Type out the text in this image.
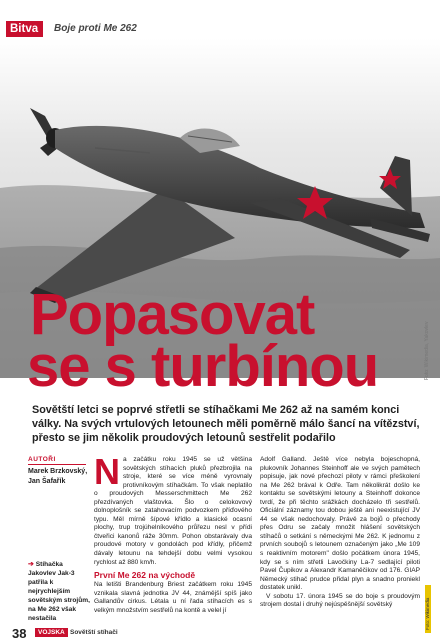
Bitva	Boje proti Me 262
Popasovat
se s turbínou	Foto: Wikimedia, Yakovlev
Sovětští letci se poprvé střetli se stíhačkami Me 262 až na samém konci války. Na svých vrtulových letounech měli poměrně málo šancí na vítězství, přesto se jim několik proudových letounů sestřelit podařilo
AUTOŘI
Marek Brzkovský, Jan Šafařík
➔ Stíhačka Jakovlev Jak-3 patřila k nejrychlejším sovětským strojům, na Me 262 však nestačila
N a začátku roku 1945 se už většina sovětských stíhacích pluků přezbrojila na stroje, které se více méně vyrovnaly protivníkovým stíhačkám. To však neplatilo o proudových Messerschmittech Me 262 přezdívaných vlaštovka. Šlo o celokovový dolnoplošník se zatahovacím podvozkem příďového typu. Měl mírně šípové křídlo a klasické ocasní plochy, trup trojúhelníkového průřezu nesl v přídi čtveřici kanonů ráže 30mm. Pohon obstarávaly dva proudové motory v gondolách pod křídly, přičemž dávaly letounu na tehdejší dobu velmi vysokou rychlost až 880 km/h.

První Me 262 na východě

Na letišti Brandenburg Briest začátkem roku 1945 vznikala slavná jednotka JV 44, známější spíš jako Gallandův cirkus. Létala u ní řada stíhacích es s velkým množstvím sestřelů na kontě a velel jí

Adolf Galland. Ještě více nebyla bojeschopná, plukovník Johannes Steinhoff ale ve svých pamětech popisuje, jak nové přechozí piloty v rámci přeškolení na Me 262 brával k Odře. Tam několikrát došlo ke kontaktu se sovětskými letouny a Steinhoff dokonce tvrdí, že při těchto srážkách docházelo tři sestřelů. Oficiální záznamy tou dobou ještě ani neexistující JV 44 se však nedochovaly. Právě za bojů o přechody přes Odru se začaly množit hlášení sovětských stíhačů o setkání s německými Me 262. K jednomu z prvních soubojů s letounem označeným jako „Me 109 s reaktivním motorem" došlo počátkem února 1945, kdy se s ním střetli Lavočkiny La-7 sedlající piloti Pavel Čupikov a Alexandr Kamaněčikov od 176. GIAP Německý stihač prudce přidal plyn a snadno proniekl dostatek unikl.

V sobotu 17. února 1945 se do boje s proudovým strojem dostal i druhý nejúspěšnější sovětský	Foto: Wikimedia
38	VOJSKA Sovětští stíhači
